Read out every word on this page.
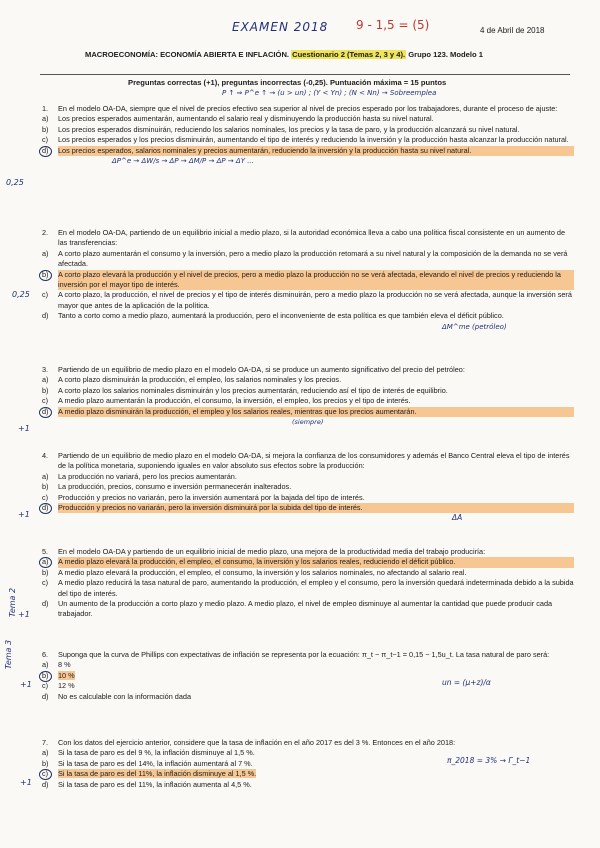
EXAMEN 2018 9 - 1,5 = (5)	4 de Abril de 2018
MACROECONOMÍA: ECONOMÍA ABIERTA E INFLACIÓN. Cuestionario 2 (Temas 2, 3 y 4). Grupo 123. Modelo 1
Preguntas correctas (+1), preguntas incorrectas (-0,25). Puntuación máxima = 15 puntos
P ↑ ⇒ P^e ↑ → (u > un) ; (Y < Yn) ; (N < Nn) → Sobreemplea
1.	En el modelo OA-DA, siempre que el nivel de precios efectivo sea superior al nivel de precios esperado por los trabajadores, durante el proceso de ajuste:
a)	Los precios esperados aumentarán, aumentando el salario real y disminuyendo la producción hasta su nivel natural.
b)	Los precios esperados disminuirán, reduciendo los salarios nominales, los precios y la tasa de paro, y la producción alcanzará su nivel natural.
c)	Los precios esperados y los precios disminuirán, aumentando el tipo de interés y reduciendo la inversión y la producción hasta alcanzar la producción natural.
d)	Los precios esperados, salarios nominales y precios aumentarán, reduciendo la inversión y la producción hasta su nivel natural.
ΔP^e → ΔW/s → ΔP → ΔM/P → ΔP → ΔY ...
2.	En el modelo OA-DA, partiendo de un equilibrio inicial a medio plazo, si la autoridad económica lleva a cabo una política fiscal consistente en un aumento de las transferencias:
a)	A corto plazo aumentarán el consumo y la inversión, pero a medio plazo la producción retomará a su nivel natural y la composición de la demanda no se verá afectada.
b)	A corto plazo elevará la producción y el nivel de precios, pero a medio plazo la producción no se verá afectada, elevando el nivel de precios y reduciendo la inversión por el mayor tipo de interés.
c)	A corto plazo, la producción, el nivel de precios y el tipo de interés disminuirán, pero a medio plazo la producción no se verá afectada, aunque la inversión será mayor que antes de la aplicación de la política.
d)	Tanto a corto como a medio plazo, aumentará la producción, pero el inconveniente de esta política es que también eleva el déficit público.
ΔM^me (petróleo)
3.	Partiendo de un equilibrio de medio plazo en el modelo OA-DA, si se produce un aumento significativo del precio del petróleo:
a)	A corto plazo disminuirán la producción, el empleo, los salarios nominales y los precios.
b)	A corto plazo los salarios nominales disminuirán y los precios aumentarán, reduciendo así el tipo de interés de equilibrio.
c)	A medio plazo aumentarán la producción, el consumo, la inversión, el empleo, los precios y el tipo de interés.
d)	A medio plazo disminuirán la producción, el empleo y los salarios reales, mientras que los precios aumentarán.
(siempre)
4.	Partiendo de un equilibrio de medio plazo en el modelo OA-DA, si mejora la confianza de los consumidores y además el Banco Central eleva el tipo de interés de la política monetaria, suponiendo iguales en valor absoluto sus efectos sobre la producción:
a)	La producción no variará, pero los precios aumentarán.
b)	La producción, precios, consumo e inversión permanecerán inalterados.
c)	Producción y precios no variarán, pero la inversión aumentará por la bajada del tipo de interés.
d)	Producción y precios no variarán, pero la inversión disminuirá por la subida del tipo de interés.
ΔA
5.	En el modelo OA-DA y partiendo de un equilibrio inicial de medio plazo, una mejora de la productividad media del trabajo produciría:
a)	A medio plazo elevará la producción, el empleo, el consumo, la inversión y los salarios reales, reduciendo el déficit público.
b)	A medio plazo elevará la producción, el empleo, el consumo, la inversión y los salarios nominales, no afectando al salario real.
c)	A medio plazo reducirá la tasa natural de paro, aumentando la producción, el empleo y el consumo, pero la inversión quedará indeterminada debido a la subida del tipo de interés.
d)	Un aumento de la producción a corto plazo y medio plazo. A medio plazo, el nivel de empleo disminuye al aumentar la cantidad que puede producir cada trabajador.
6.	Suponga que la curva de Phillips con expectativas de inflación se representa por la ecuación: π_t − π_t−1 = 0,15 − 1,5u_t. La tasa natural de paro será:
a)	8 %
b)	10 %
c)	12 %
d)	No es calculable con la información dada
un = (μ+z)/α
7.	Con los datos del ejercicio anterior, considere que la tasa de inflación en el año 2017 es del 3 %. Entonces en el año 2018:
a)	Si la tasa de paro es del 9 %, la inflación disminuye al 1,5 %.
b)	Si la tasa de paro es del 14%, la inflación aumentará al 7 %.
c)	Si la tasa de paro es del 11%, la inflación disminuye al 1,5 %.
d)	Si la tasa de paro es del 11%, la inflación aumenta al 4,5 %.
π_2018 = 3% → Γ_t−1
0,25
0,25
+1
+1
+1
+1
+1
Tema 2
Tema 3
